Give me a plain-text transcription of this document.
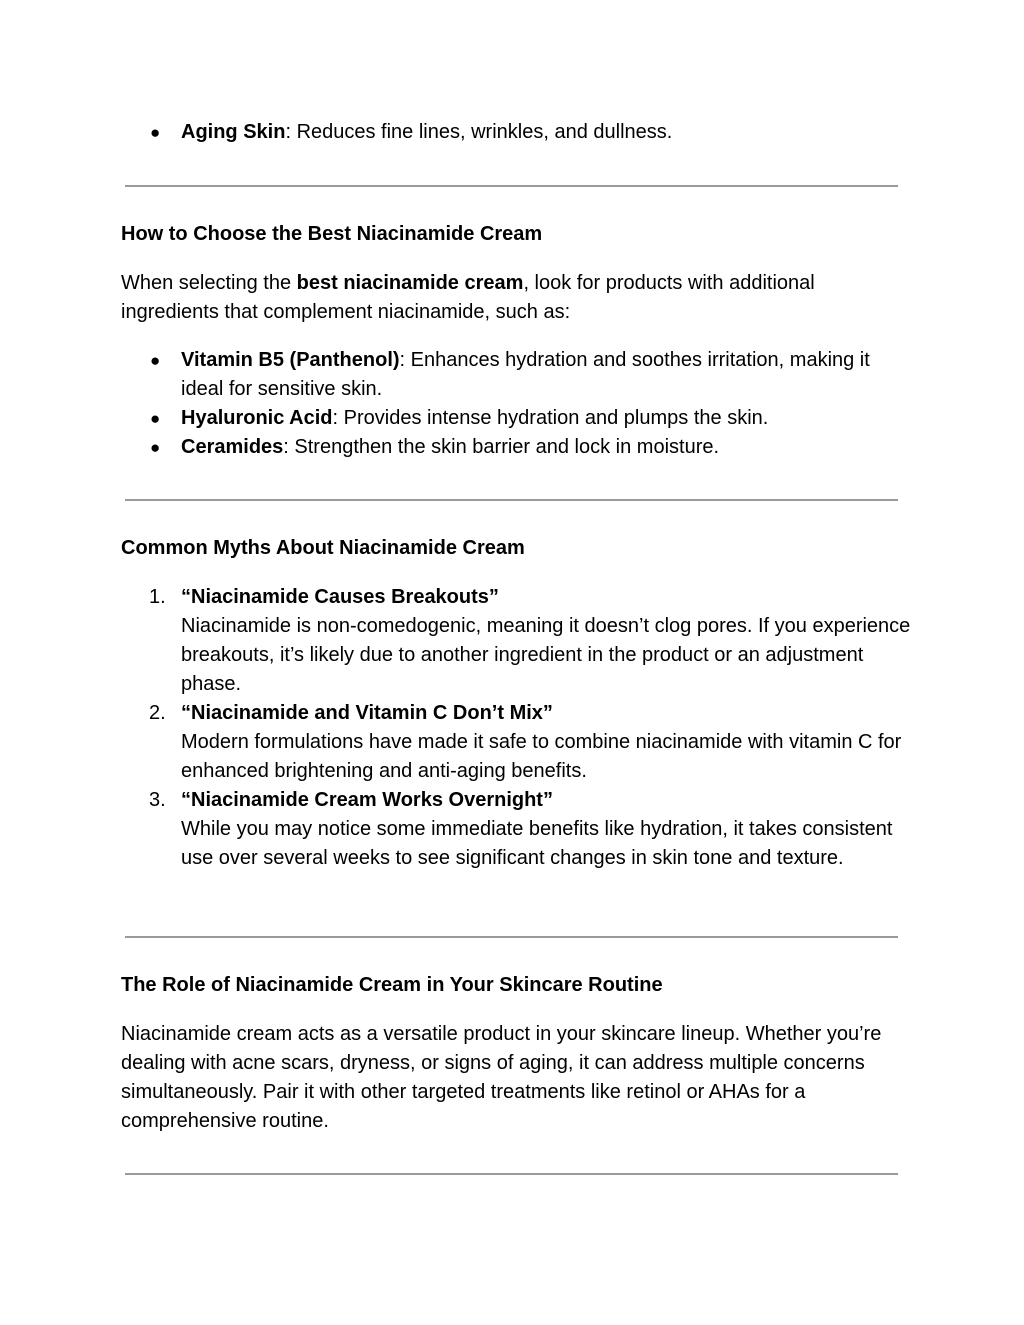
● Aging Skin: Reduces fine lines, wrinkles, and dullness.
How to Choose the Best Niacinamide Cream

When selecting the best niacinamide cream, look for products with additional ingredients that complement niacinamide, such as:

● Vitamin B5 (Panthenol): Enhances hydration and soothes irritation, making it ideal for sensitive skin.
● Hyaluronic Acid: Provides intense hydration and plumps the skin.
● Ceramides: Strengthen the skin barrier and lock in moisture.
Common Myths About Niacinamide Cream
1. “Niacinamide Causes Breakouts”
Niacinamide is non-comedogenic, meaning it doesn’t clog pores. If you experience breakouts, it’s likely due to another ingredient in the product or an adjustment phase.
2. “Niacinamide and Vitamin C Don’t Mix”
Modern formulations have made it safe to combine niacinamide with vitamin C for enhanced brightening and anti-aging benefits.
3. “Niacinamide Cream Works Overnight”
While you may notice some immediate benefits like hydration, it takes consistent use over several weeks to see significant changes in skin tone and texture.
The Role of Niacinamide Cream in Your Skincare Routine

Niacinamide cream acts as a versatile product in your skincare lineup. Whether you’re dealing with acne scars, dryness, or signs of aging, it can address multiple concerns simultaneously. Pair it with other targeted treatments like retinol or AHAs for a comprehensive routine.
